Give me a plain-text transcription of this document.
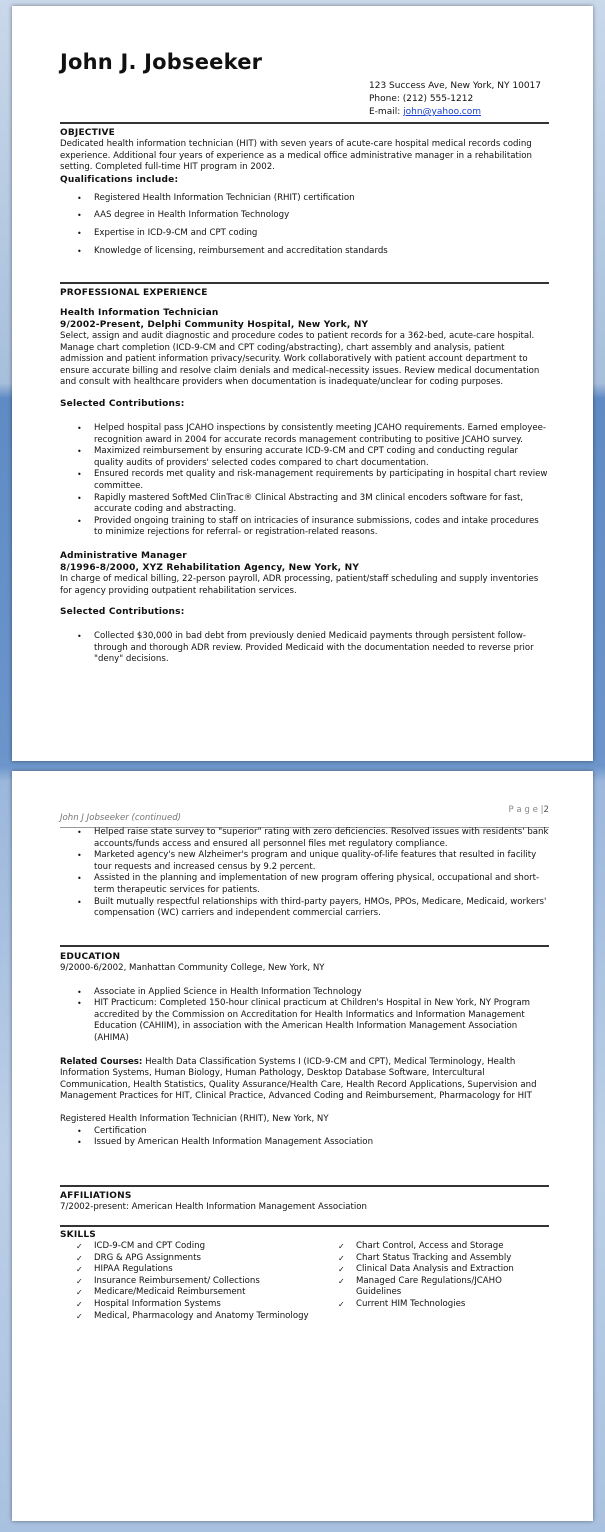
John J. Jobseeker
123 Success Ave, New York, NY 10017
Phone: (212) 555-1212
E-mail: john@yahoo.com
OBJECTIVE
Dedicated health information technician (HIT) with seven years of acute-care hospital medical records coding experience. Additional four years of experience as a medical office administrative manager in a rehabilitation setting. Completed full-time HIT program in 2002.
Qualifications include:
• Registered Health Information Technician (RHIT) certification
• AAS degree in Health Information Technology
• Expertise in ICD-9-CM and CPT coding
• Knowledge of licensing, reimbursement and accreditation standards
PROFESSIONAL EXPERIENCE
Health Information Technician
9/2002-Present, Delphi Community Hospital, New York, NY
Select, assign and audit diagnostic and procedure codes to patient records for a 362-bed, acute-care hospital. Manage chart completion (ICD-9-CM and CPT coding/abstracting), chart assembly and analysis, patient admission and patient information privacy/security. Work collaboratively with patient account department to ensure accurate billing and resolve claim denials and medical-necessity issues. Review medical documentation and consult with healthcare providers when documentation is inadequate/unclear for coding purposes.
Selected Contributions:
• Helped hospital pass JCAHO inspections by consistently meeting JCAHO requirements. Earned employee-recognition award in 2004 for accurate records management contributing to positive JCAHO survey.
• Maximized reimbursement by ensuring accurate ICD-9-CM and CPT coding and conducting regular quality audits of providers' selected codes compared to chart documentation.
• Ensured records met quality and risk-management requirements by participating in hospital chart review committee.
• Rapidly mastered SoftMed ClinTrac® Clinical Abstracting and 3M clinical encoders software for fast, accurate coding and abstracting.
• Provided ongoing training to staff on intricacies of insurance submissions, codes and intake procedures to minimize rejections for referral- or registration-related reasons.
Administrative Manager
8/1996-8/2000, XYZ Rehabilitation Agency, New York, NY
In charge of medical billing, 22-person payroll, ADR processing, patient/staff scheduling and supply inventories for agency providing outpatient rehabilitation services.
Selected Contributions:
• Collected $30,000 in bad debt from previously denied Medicaid payments through persistent follow-through and thorough ADR review. Provided Medicaid with the documentation needed to reverse prior "deny" decisions.
John J Jobseeker (continued)
P a g e |2
• Helped raise state survey to "superior" rating with zero deficiencies. Resolved issues with residents' bank accounts/funds access and ensured all personnel files met regulatory compliance.
• Marketed agency's new Alzheimer's program and unique quality-of-life features that resulted in facility tour requests and increased census by 9.2 percent.
• Assisted in the planning and implementation of new program offering physical, occupational and short-term therapeutic services for patients.
• Built mutually respectful relationships with third-party payers, HMOs, PPOs, Medicare, Medicaid, workers' compensation (WC) carriers and independent commercial carriers.
EDUCATION
9/2000-6/2002, Manhattan Community College, New York, NY
• Associate in Applied Science in Health Information Technology
• HIT Practicum: Completed 150-hour clinical practicum at Children's Hospital in New York, NY Program accredited by the Commission on Accreditation for Health Informatics and Information Management Education (CAHIIM), in association with the American Health Information Management Association (AHIMA)
Related Courses: Health Data Classification Systems I (ICD-9-CM and CPT), Medical Terminology, Health Information Systems, Human Biology, Human Pathology, Desktop Database Software, Intercultural Communication, Health Statistics, Quality Assurance/Health Care, Health Record Applications, Supervision and Management Practices for HIT, Clinical Practice, Advanced Coding and Reimbursement, Pharmacology for HIT
Registered Health Information Technician (RHIT), New York, NY
• Certification
• Issued by American Health Information Management Association
AFFILIATIONS
7/2002-present: American Health Information Management Association
SKILLS
✓ ICD-9-CM and CPT Coding
✓ DRG & APG Assignments
✓ HIPAA Regulations
✓ Insurance Reimbursement/ Collections
✓ Medicare/Medicaid Reimbursement
✓ Hospital Information Systems
✓ Medical, Pharmacology and Anatomy Terminology
✓ Chart Control, Access and Storage
✓ Chart Status Tracking and Assembly
✓ Clinical Data Analysis and Extraction
✓ Managed Care Regulations/JCAHO Guidelines
✓ Current HIM Technologies
